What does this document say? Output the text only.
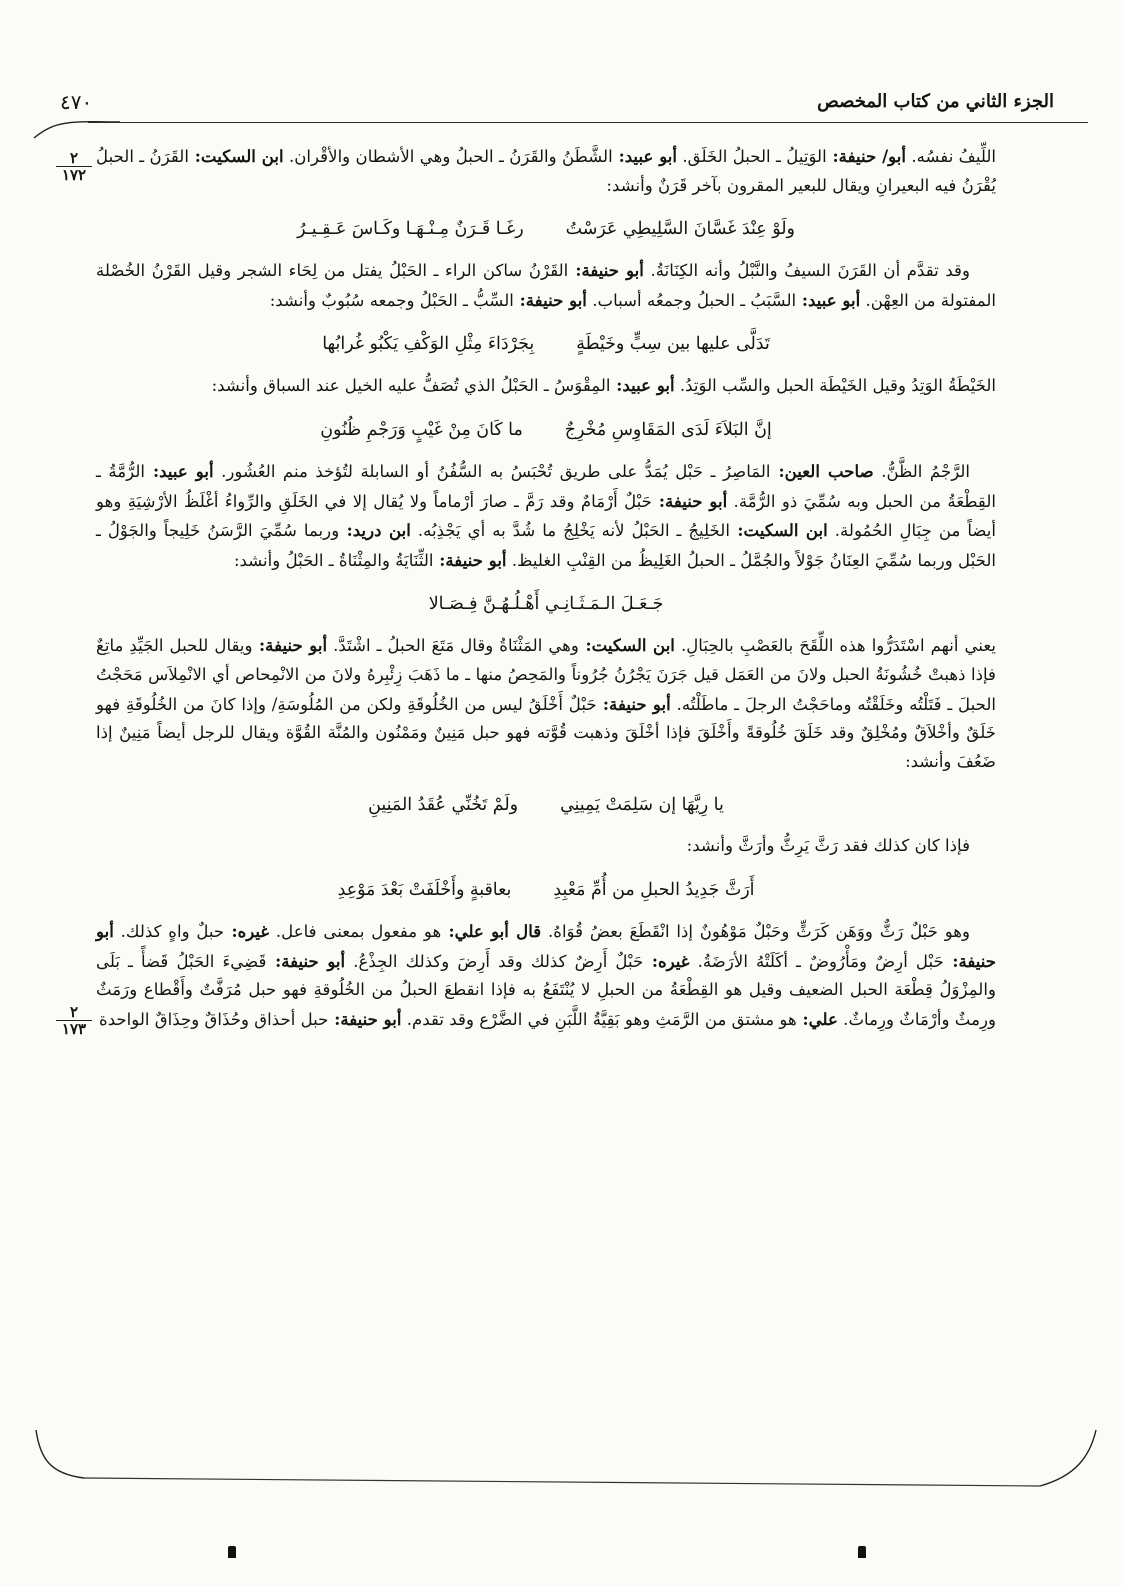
٤٧٠	الجزء الثاني من كتاب المخصص
٢
١٧٢
٢
١٧٣

اللِّيفُ نفسُه. أبو/ حنيفة: الوَتِيلُ ـ الحبلُ الخَلَق. أبو عبيد: الشَّطَنُ والقَرَنُ ـ الحبلُ وهي الأشطان والأقْران. ابن السكيت: القَرَنُ ـ الحبلُ يُقْرَنُ فيه البعيرانِ ويقال للبعير المقرون بآخر قَرَنٌ وأنشد:

ولَوْ عِنْدَ غَسَّانَ السَّلِيطِي عَرَسْتُ
رغَـا قَـرَنٌ مِـنْـهَـا وكَـاسَ عَـقِـيـرُ

وقد تقدَّم أن القَرَنَ السيفُ والنَّبْلُ وأنه الكِنَانَةُ. أبو حنيفة: القَرْنُ ساكن الراء ـ الحَبْلُ يفتل من لِحَاء الشجر وقيل القَرْنُ الخُصْلة المفتولة من العِهْن. أبو عبيد: السَّبَبُ ـ الحبلُ وجمعُه أسباب. أبو حنيفة: السِّبُّ ـ الحَبْلُ وجمعه سُبُوبٌ وأنشد:

تَدَلَّى عليها بين سِبٍّ وخَيْطَةٍ
بِجَرْدَاءَ مِثْلِ الوَكْفِ يَكْبُو غُرابُها

الخَيْطَةُ الوَتِدُ وقيل الخَيْطَة الحبل والسِّب الوَتِدُ. أبو عبيد: المِقْوَسُ ـ الحَبْلُ الذي تُصَفُّ عليه الخيل عند السباق وأنشد:

إنَّ البَلاَءَ لَدَى المَقَاوِسِ مُخْرِجٌ
ما كَانَ مِنْ غَيْبٍ وَرَجْمِ ظُنُونِ

الرَّجْمُ الظَّنُّ. صاحب العين: المَاصِرُ ـ حَبْل يُمَدُّ على طريق تُحْبَسُ به السُّفُنُ أو السابلة لتُؤخذ منم العُشُور. أبو عبيد: الرُّمَّةُ ـ القِطْعَةُ من الحبل وبه سُمِّيَ ذو الرُّمَّة. أبو حنيفة: حَبْلٌ أَرْمَامٌ وقد رَمَّ ـ صارَ أرْماماً ولا يُقال إلا في الخَلَقِ والرِّواءُ أغْلَظُ الأرْشِيَةِ وهو أيضاً من جِبَالِ الحُمُولة. ابن السكيت: الخَلِيجُ ـ الحَبْلُ لأنه يَخْلِجُ ما شُدَّ به أي يَجْذِبُه. ابن دريد: وربما سُمِّيَ الرَّسَنُ خَلِيجاً والجَوْلُ ـ الحَبْل وربما سُمِّيَ العِنَانُ جَوْلاً والجُمَّلُ ـ الحبلُ الغَلِيظُ من القِنْبِ الغليظ. أبو حنيفة: الثِّنَايَةُ والمِثْنَاةُ ـ الحَبْلُ وأنشد:

جَـعَـلَ الـمَـثَـانِـي أَهْـلُـهُـنَّ فِـصَـالا

يعني أنهم اسْتَدَرُّوا هذه اللِّقَحَ بالعَصْبِ بالحِبَالِ. ابن السكيت: وهي المَثْنَاةُ وقال مَتَعَ الحبلُ ـ اشْتَدَّ. أبو حنيفة: ويقال للحبل الجَيِّدِ ماتِعٌ فإذا ذهبتْ خُشُونَةُ الحبل ولانَ من العَمَل قيل جَرَنَ يَجْرُنُ جُرُوناً والمَحِصُ منها ـ ما ذَهَبَ زِئْبِرهُ ولانَ من الانْمِحاص أي الانْمِلاَس مَحَجْتُ الحبلَ ـ فَتَلْتُه وخَلَقْتُه وماحَجْتُ الرجلَ ـ ماطَلْتُه. أبو حنيفة: حَبْلٌ أَخْلَقُ ليس من الخُلُوقَةِ ولكن من المُلُوسَةِ/ وإذا كانَ من الخُلُوقَةِ فهو خَلَقٌ وأخْلاَقٌ ومُخْلِقٌ وقد خَلَقَ خُلُوقةً وأَخْلَقَ فإذا أخْلَقَ وذهبت قُوَّته فهو حبل مَنِينٌ ومَمْنُون والمُنَّة القُوَّة ويقال للرجل أيضاً مَنِينٌ إذا ضَعُفَ وأنشد:

يا رِيَّهَا إن سَلِمَتْ يَمِينِي
ولَمْ تَخُنِّي عُقَدُ المَنِينِ

فإذا كان كذلك فقد رَثَّ يَرِثُّ وأرَثَّ وأنشد:

أَرَثَّ جَدِيدُ الحبلِ من أُمِّ مَعْبِدِ
بعاقبةٍ وأَخْلَفَتْ بَعْدَ مَوْعِدِ

وهو حَبْلٌ رَثٌّ ووَهَن كَرَثٍّ وحَبْلٌ مَوْهُونٌ إذا انْقَطَعَ بعضُ قُوَاهُ. قال أبو علي: هو مفعول بمعنى فاعل. غيره: حبلٌ واهٍ كذلك. أبو حنيفة: حَبْل أرِضٌ ومَأْرُوضٌ ـ أكَلَتْهُ الأرَضَةُ. غيره: حَبْلٌ أَرِضٌ كذلك وقد أَرِضَ وكذلك الجِذْعُ. أبو حنيفة: قَضِيءَ الحَبْلُ قَضأً ـ بَلَى والمِزْوَلُ قِطْعَة الحبل الضعيف وقيل هو القِطْعَةُ من الحبلِ لا يُنْتَفَعُ به فإذا انقطعَ الحبلُ من الخُلُوقةِ فهو حبل مُرَفَّتٌ وأَقْطاع ورَمَثٌ ورِمثٌ وأرْمَاثٌ ورِماثٌ. علي: هو مشتق من الرَّمَثِ وهو بَقِيَّةُ اللَّبَنِ في الضَّرْع وقد تقدم. أبو حنيفة: حبل أحذاق وحُذَاقٌ وحِذَاقٌ الواحدة
